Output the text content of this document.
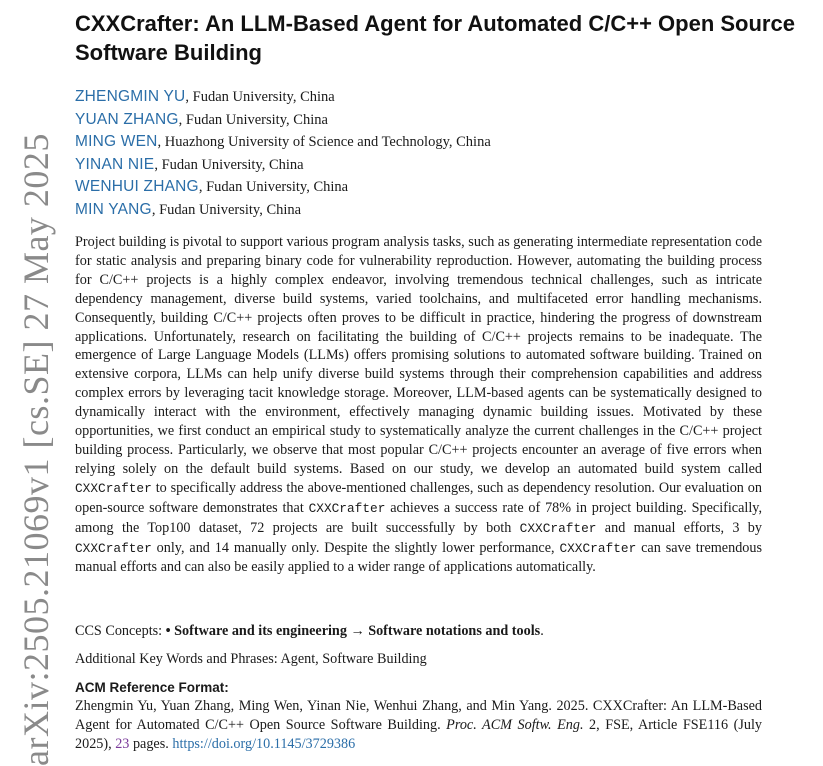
arXiv:2505.21069v1 [cs.SE] 27 May 2025
CXXCrafter: An LLM-Based Agent for Automated C/C++ Open Source Software Building
ZHENGMIN YU, Fudan University, China
YUAN ZHANG, Fudan University, China
MING WEN, Huazhong University of Science and Technology, China
YINAN NIE, Fudan University, China
WENHUI ZHANG, Fudan University, China
MIN YANG, Fudan University, China

Project building is pivotal to support various program analysis tasks, such as generating intermediate representation code for static analysis and preparing binary code for vulnerability reproduction. However, automating the building process for C/C++ projects is a highly complex endeavor, involving tremendous technical challenges, such as intricate dependency management, diverse build systems, varied toolchains, and multifaceted error handling mechanisms. Consequently, building C/C++ projects often proves to be difficult in practice, hindering the progress of downstream applications. Unfortunately, research on facilitating the building of C/C++ projects remains to be inadequate. The emergence of Large Language Models (LLMs) offers promising solutions to automated software building. Trained on extensive corpora, LLMs can help unify diverse build systems through their comprehension capabilities and address complex errors by leveraging tacit knowledge storage. Moreover, LLM-based agents can be systematically designed to dynamically interact with the environment, effectively managing dynamic building issues. Motivated by these opportunities, we first conduct an empirical study to systematically analyze the current challenges in the C/C++ project building process. Particularly, we observe that most popular C/C++ projects encounter an average of five errors when relying solely on the default build systems. Based on our study, we develop an automated build system called CXXCrafter to specifically address the above-mentioned challenges, such as dependency resolution. Our evaluation on open-source software demonstrates that CXXCrafter achieves a success rate of 78% in project building. Specifically, among the Top100 dataset, 72 projects are built successfully by both CXXCrafter and manual efforts, 3 by CXXCrafter only, and 14 manually only. Despite the slightly lower performance, CXXCrafter can save tremendous manual efforts and can also be easily applied to a wider range of applications automatically.

CCS Concepts: • Software and its engineering → Software notations and tools.

Additional Key Words and Phrases: Agent, Software Building

ACM Reference Format:

Zhengmin Yu, Yuan Zhang, Ming Wen, Yinan Nie, Wenhui Zhang, and Min Yang. 2025. CXXCrafter: An LLM-Based Agent for Automated C/C++ Open Source Software Building. Proc. ACM Softw. Eng. 2, FSE, Article FSE116 (July 2025), 23 pages. https://doi.org/10.1145/3729386
